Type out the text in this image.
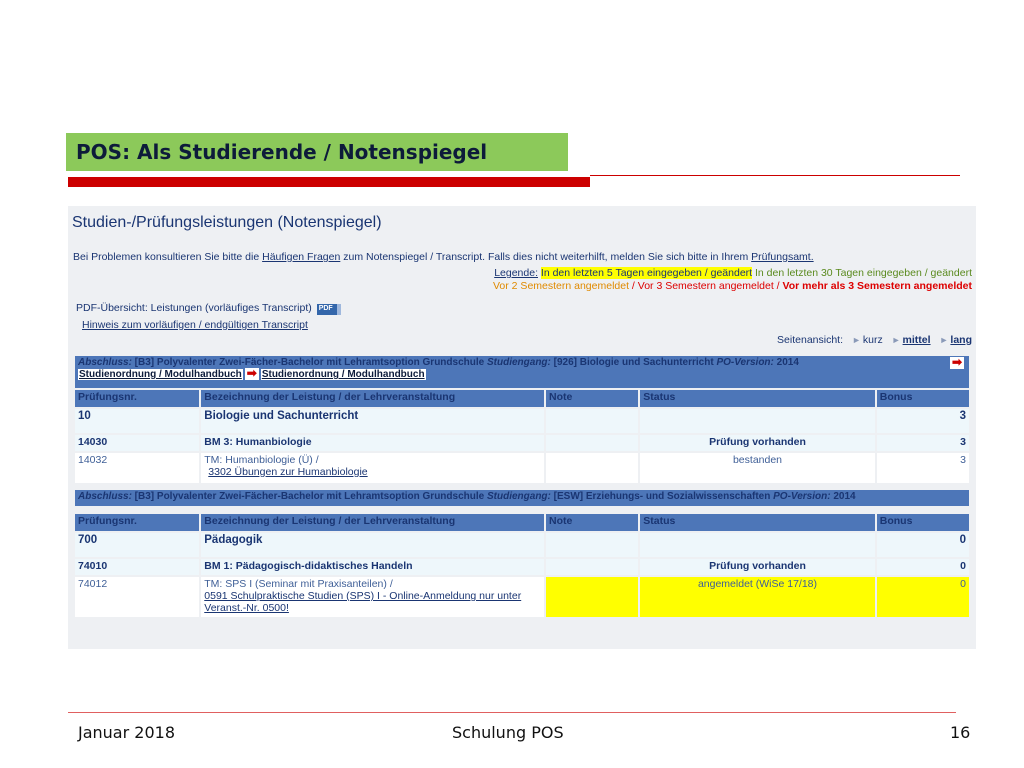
POS: Als Studierende / Notenspiegel
Studien-/Prüfungsleistungen (Notenspiegel)
Bei Problemen konsultieren Sie bitte die Häufigen Fragen zum Notenspiegel / Transcript. Falls dies nicht weiterhilft, melden Sie sich bitte in Ihrem Prüfungsamt.
Legende: In den letzten 5 Tagen eingegeben / geändert In den letzten 30 Tagen eingegeben / geändert
Vor 2 Semestern angemeldet / Vor 3 Semestern angemeldet / Vor mehr als 3 Semestern angemeldet
PDF-Übersicht: Leistungen (vorläufiges Transcript) PDF
Hinweis zum vorläufigen / endgültigen Transcript
Seitenansicht: ► kurz ► mittel ► lang
Abschluss: [B3] Polyvalenter Zwei-Fächer-Bachelor mit Lehramtsoption Grundschule Studiengang: [926] Biologie und Sachunterricht PO-Version: 2014 ➡

Studienordnung / Modulhandbuch ➡ Studienordnung / Modulhandbuch				
Prüfungsnr.	Bezeichnung der Leistung / der Lehrveranstaltung	Note	Status	Bonus
10	Biologie und Sachunterricht			3
14030	BM 3: Humanbiologie		Prüfung vorhanden	3
14032	TM: Humanbiologie (Ü) /
3302 Übungen zur Humanbiologie		bestanden	3
Abschluss: [B3] Polyvalenter Zwei-Fächer-Bachelor mit Lehramtsoption Grundschule Studiengang: [ESW] Erziehungs- und Sozialwissenschaften PO-Version: 2014				

Prüfungsnr.	Bezeichnung der Leistung / der Lehrveranstaltung	Note	Status	Bonus
700	Pädagogik			0
74010	BM 1: Pädagogisch-didaktisches Handeln		Prüfung vorhanden	0
74012	TM: SPS I (Seminar mit Praxisanteilen) /
0591 Schulpraktische Studien (SPS) I - Online-Anmeldung nur unter Veranst.-Nr. 0500!		angemeldet (WiSe 17/18)	0
Januar 2018	Schulung POS	16
